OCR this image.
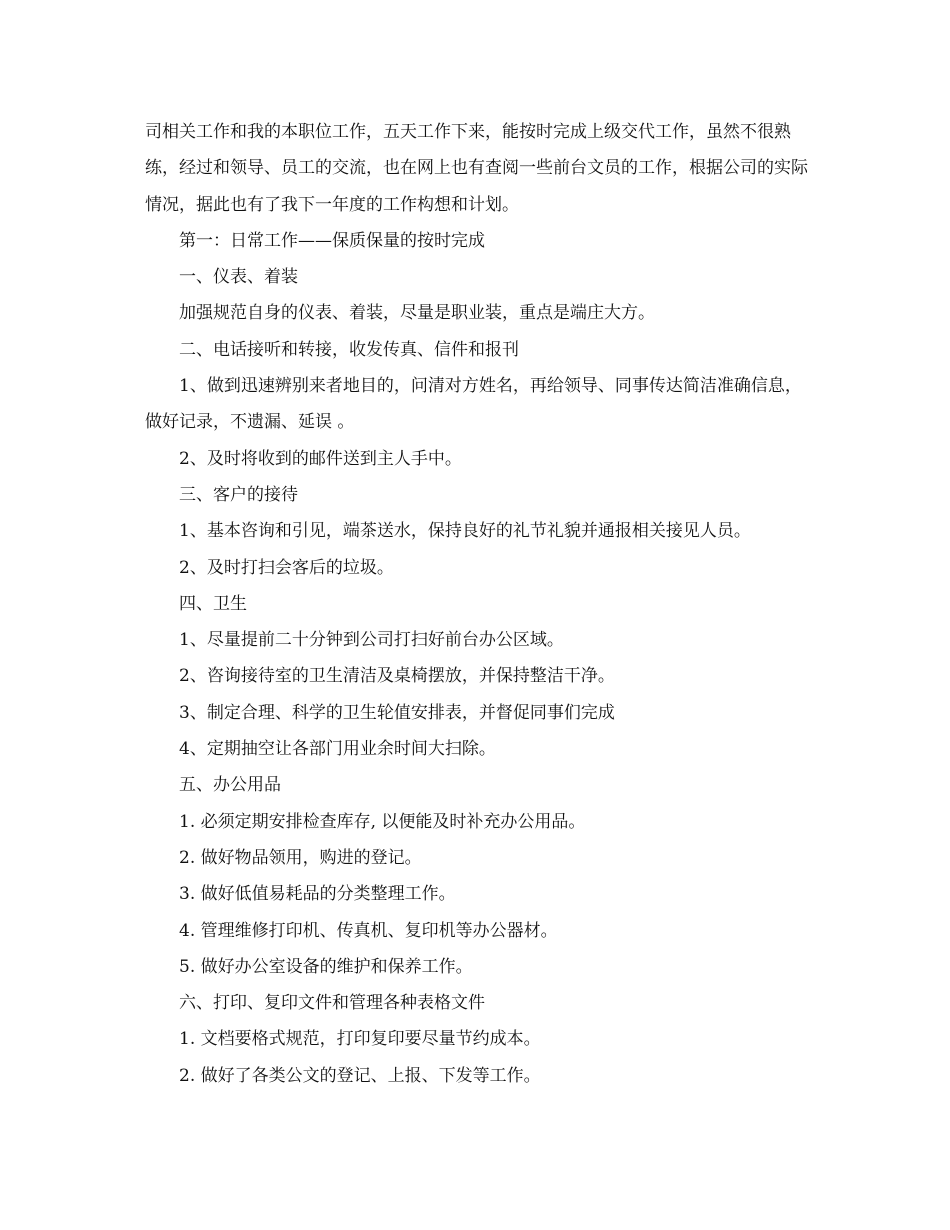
司相关工作和我的本职位工作，五天工作下来，能按时完成上级交代工作，虽然不很熟练，经过和领导、员工的交流，也在网上也有查阅一些前台文员的工作，根据公司的实际情况，据此也有了我下一年度的工作构想和计划。

第一：日常工作——保质保量的按时完成

一、仪表、着装

加强规范自身的仪表、着装，尽量是职业装，重点是端庄大方。

二、电话接听和转接，收发传真、信件和报刊

1、做到迅速辨别来者地目的，问清对方姓名，再给领导、同事传达简洁准确信息，做好记录，不遗漏、延误 。

2、及时将收到的邮件送到主人手中。

三、客户的接待

1、基本咨询和引见，端茶送水，保持良好的礼节礼貌并通报相关接见人员。

2、及时打扫会客后的垃圾。

四、卫生

1、尽量提前二十分钟到公司打扫好前台办公区域。

2、咨询接待室的卫生清洁及桌椅摆放，并保持整洁干净。

3、制定合理、科学的卫生轮值安排表，并督促同事们完成

4、定期抽空让各部门用业余时间大扫除。

五、办公用品

1. 必须定期安排检查库存, 以便能及时补充办公用品。

2. 做好物品领用，购进的登记。

3. 做好低值易耗品的分类整理工作。

4. 管理维修打印机、传真机、复印机等办公器材。

5. 做好办公室设备的维护和保养工作。

六、打印、复印文件和管理各种表格文件

1. 文档要格式规范，打印复印要尽量节约成本。

2. 做好了各类公文的登记、上报、下发等工作。
